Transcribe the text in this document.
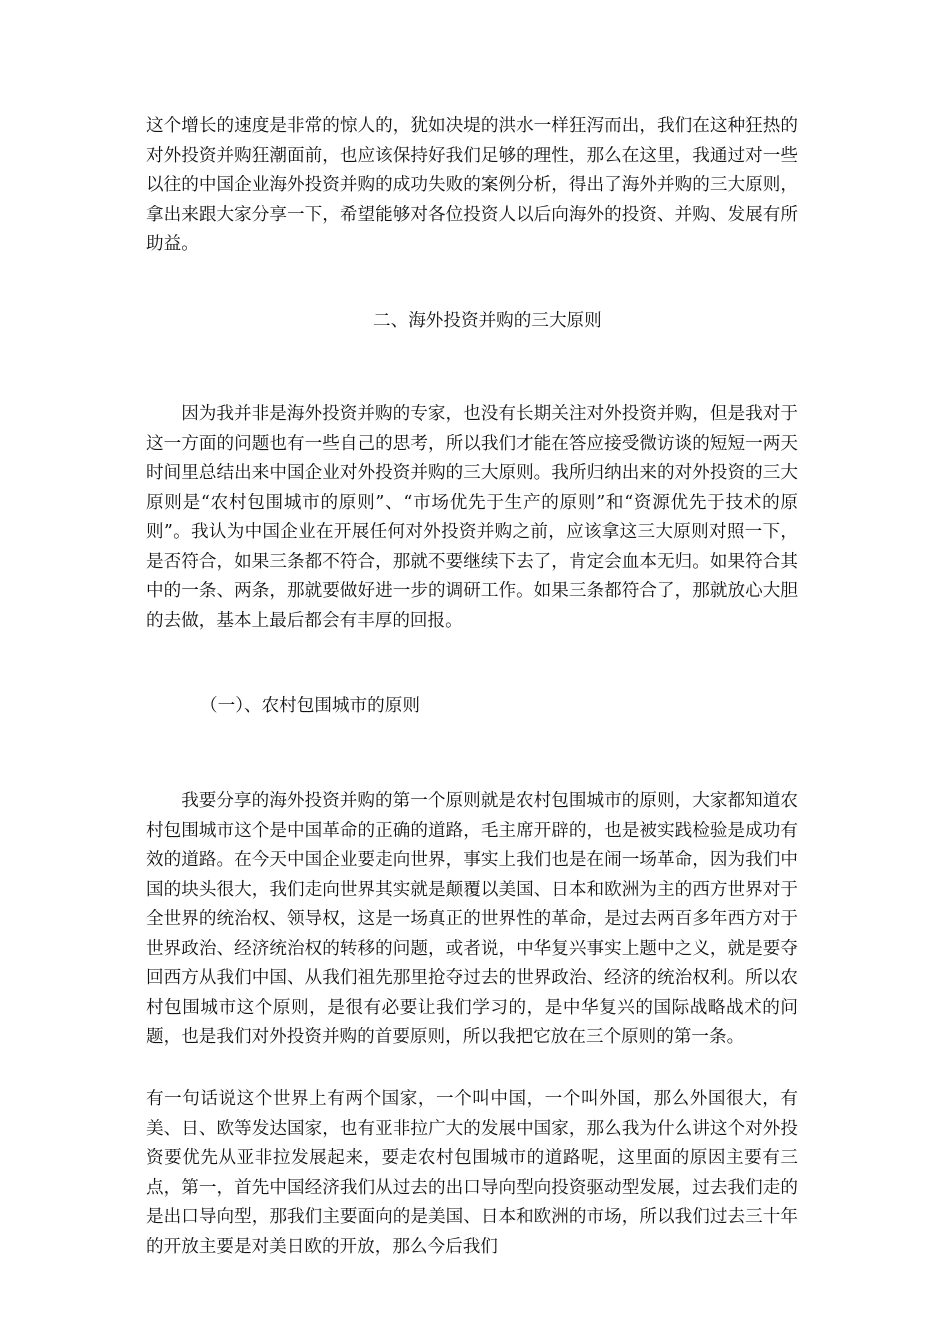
这个增长的速度是非常的惊人的，犹如决堤的洪水一样狂泻而出，我们在这种狂热的对外投资并购狂潮面前，也应该保持好我们足够的理性，那么在这里，我通过对一些以往的中国企业海外投资并购的成功失败的案例分析，得出了海外并购的三大原则，拿出来跟大家分享一下，希望能够对各位投资人以后向海外的投资、并购、发展有所助益。

二、海外投资并购的三大原则

因为我并非是海外投资并购的专家，也没有长期关注对外投资并购，但是我对于这一方面的问题也有一些自己的思考，所以我们才能在答应接受微访谈的短短一两天时间里总结出来中国企业对外投资并购的三大原则。我所归纳出来的对外投资的三大原则是“农村包围城市的原则”、“市场优先于生产的原则”和“资源优先于技术的原则”。我认为中国企业在开展任何对外投资并购之前，应该拿这三大原则对照一下，是否符合，如果三条都不符合，那就不要继续下去了，肯定会血本无归。如果符合其中的一条、两条，那就要做好进一步的调研工作。如果三条都符合了，那就放心大胆的去做，基本上最后都会有丰厚的回报。

（一）、农村包围城市的原则

我要分享的海外投资并购的第一个原则就是农村包围城市的原则，大家都知道农村包围城市这个是中国革命的正确的道路，毛主席开辟的，也是被实践检验是成功有效的道路。在今天中国企业要走向世界，事实上我们也是在闹一场革命，因为我们中国的块头很大，我们走向世界其实就是颠覆以美国、日本和欧洲为主的西方世界对于全世界的统治权、领导权，这是一场真正的世界性的革命，是过去两百多年西方对于世界政治、经济统治权的转移的问题，或者说，中华复兴事实上题中之义，就是要夺回西方从我们中国、从我们祖先那里抢夺过去的世界政治、经济的统治权利。所以农村包围城市这个原则，是很有必要让我们学习的，是中华复兴的国际战略战术的问题，也是我们对外投资并购的首要原则，所以我把它放在三个原则的第一条。

有一句话说这个世界上有两个国家，一个叫中国，一个叫外国，那么外国很大，有美、日、欧等发达国家，也有亚非拉广大的发展中国家，那么我为什么讲这个对外投资要优先从亚非拉发展起来，要走农村包围城市的道路呢，这里面的原因主要有三点，第一，首先中国经济我们从过去的出口导向型向投资驱动型发展，过去我们走的是出口导向型，那我们主要面向的是美国、日本和欧洲的市场，所以我们过去三十年的开放主要是对美日欧的开放，那么今后我们
